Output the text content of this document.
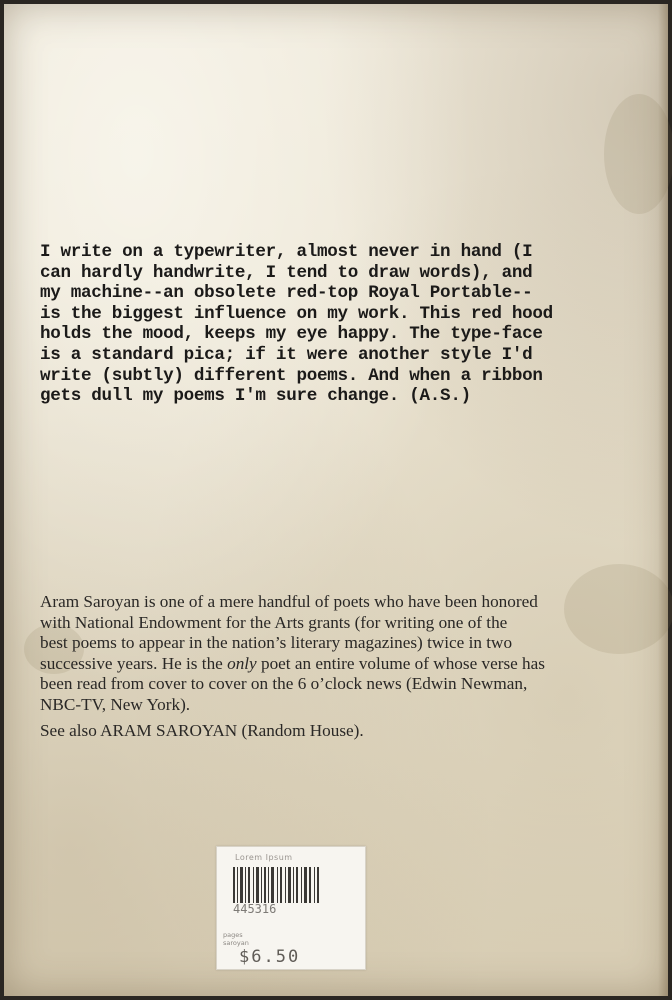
I write on a typewriter, almost never in hand (I
can hardly handwrite, I tend to draw words), and
my machine--an obsolete red-top Royal Portable--
is the biggest influence on my work. This red hood
holds the mood, keeps my eye happy. The type-face
is a standard pica; if it were another style I'd
write (subtly) different poems. And when a ribbon
gets dull my poems I'm sure change. (A.S.)
Aram Saroyan is one of a mere handful of poets who have been honored
with National Endowment for the Arts grants (for writing one of the
best poems to appear in the nation’s literary magazines) twice in two
successive years. He is the only poet an entire volume of whose verse has
been read from cover to cover on the 6 o’clock news (Edwin Newman,
NBC-TV, New York).
See also ARAM SAROYAN (Random House).
Lorem Ipsum
445316
pages
saroyan
$6.50
